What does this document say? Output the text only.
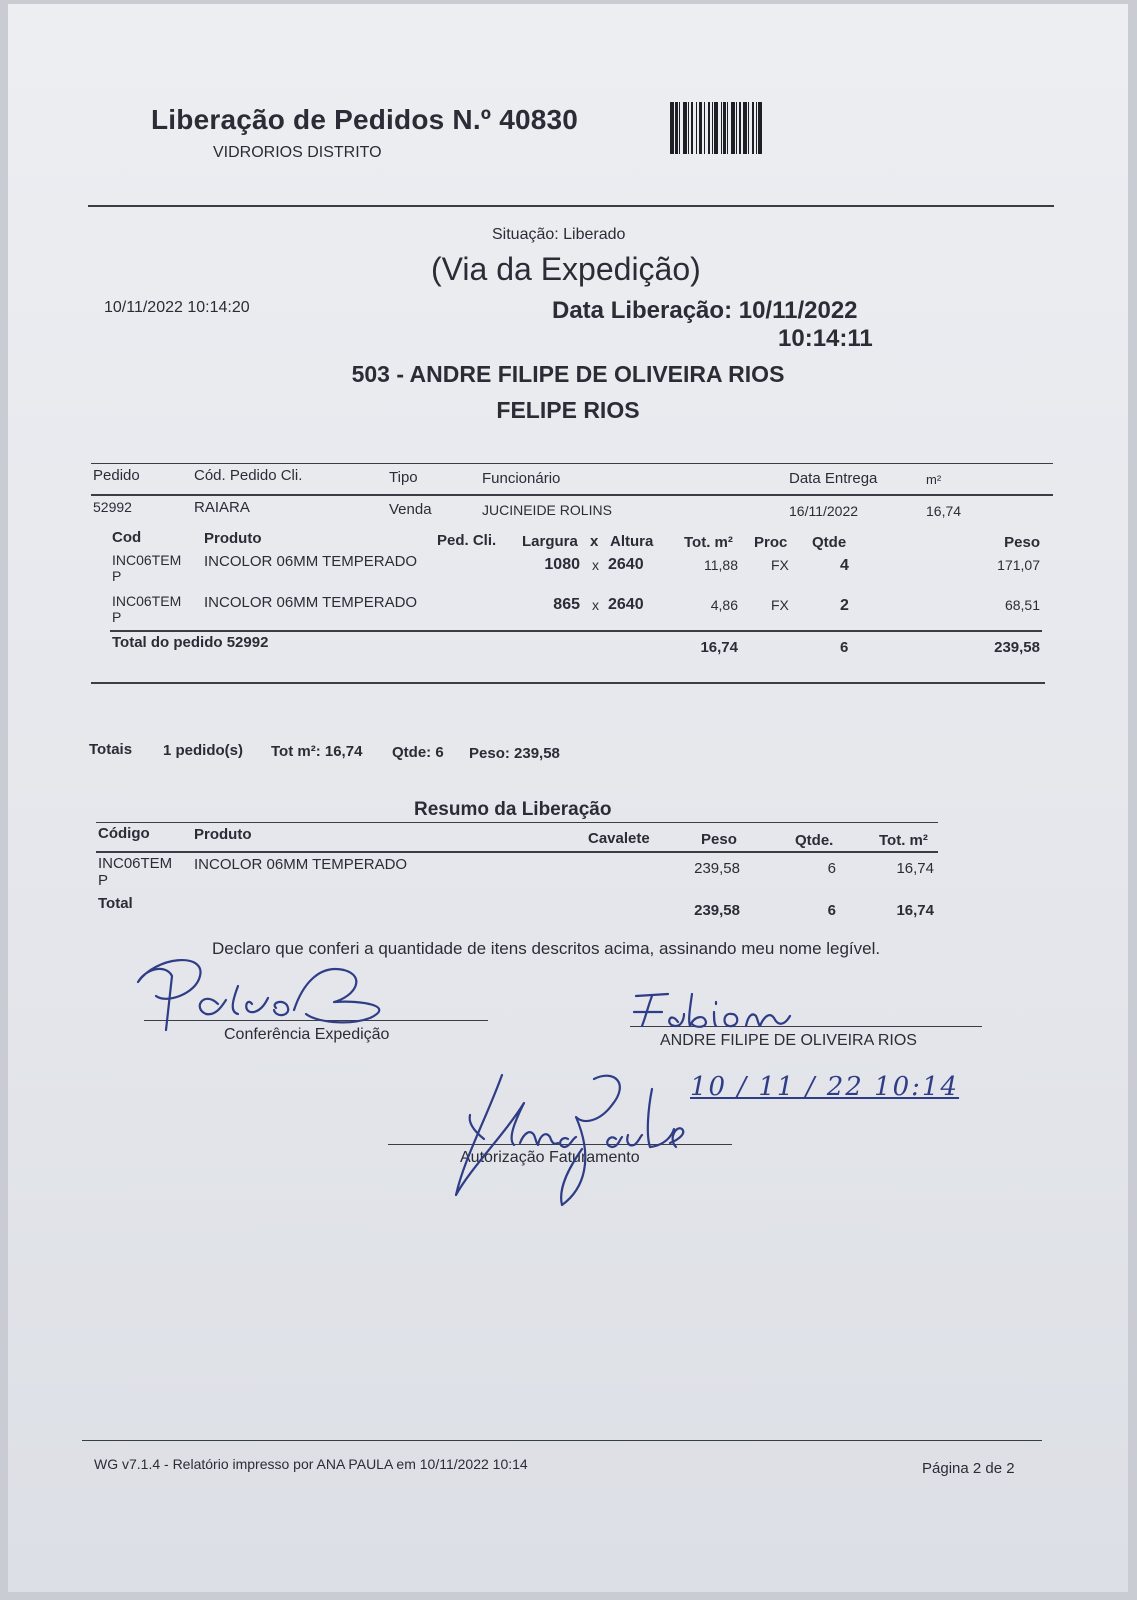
Liberação de Pedidos N.º 40830
VIDRORIOS DISTRITO
Situação: Liberado
(Via da Expedição)
10/11/2022 10:14:20	Data Liberação: 10/11/2022
10:14:11
503 - ANDRE FILIPE DE OLIVEIRA RIOS
FELIPE RIOS
Pedido	Cód. Pedido Cli.	Tipo	Funcionário	Data Entrega	m²
52992	RAIARA	Venda	JUCINEIDE ROLINS	16/11/2022	16,74
Cod	Produto	Ped. Cli. Largura x Altura Tot. m² Proc Qtde	Peso
INC06TEM
P
INCOLOR 06MM TEMPERADO	1080 x 2640	11,88 FX	4	171,07
INC06TEM
P
INCOLOR 06MM TEMPERADO	865 x 2640	4,86 FX	2	68,51
Total do pedido 52992	16,74	6	239,58
Totais 1 pedido(s) Tot m²: 16,74 Qtde: 6 Peso: 239,58
Resumo da Liberação
Código	Produto	Cavalete	Peso	Qtde.	Tot. m²
INC06TEM
P
INCOLOR 06MM TEMPERADO	239,58	6	16,74
Total	239,58	6	16,74
Declaro que conferi a quantidade de itens descritos acima, assinando meu nome legível.
Conferência Expedição	ANDRE FILIPE DE OLIVEIRA RIOS
Autorização Faturamento
10 / 11 / 22 10:14
WG v7.1.4 - Relatório impresso por ANA PAULA em 10/11/2022 10:14	Página 2 de 2
